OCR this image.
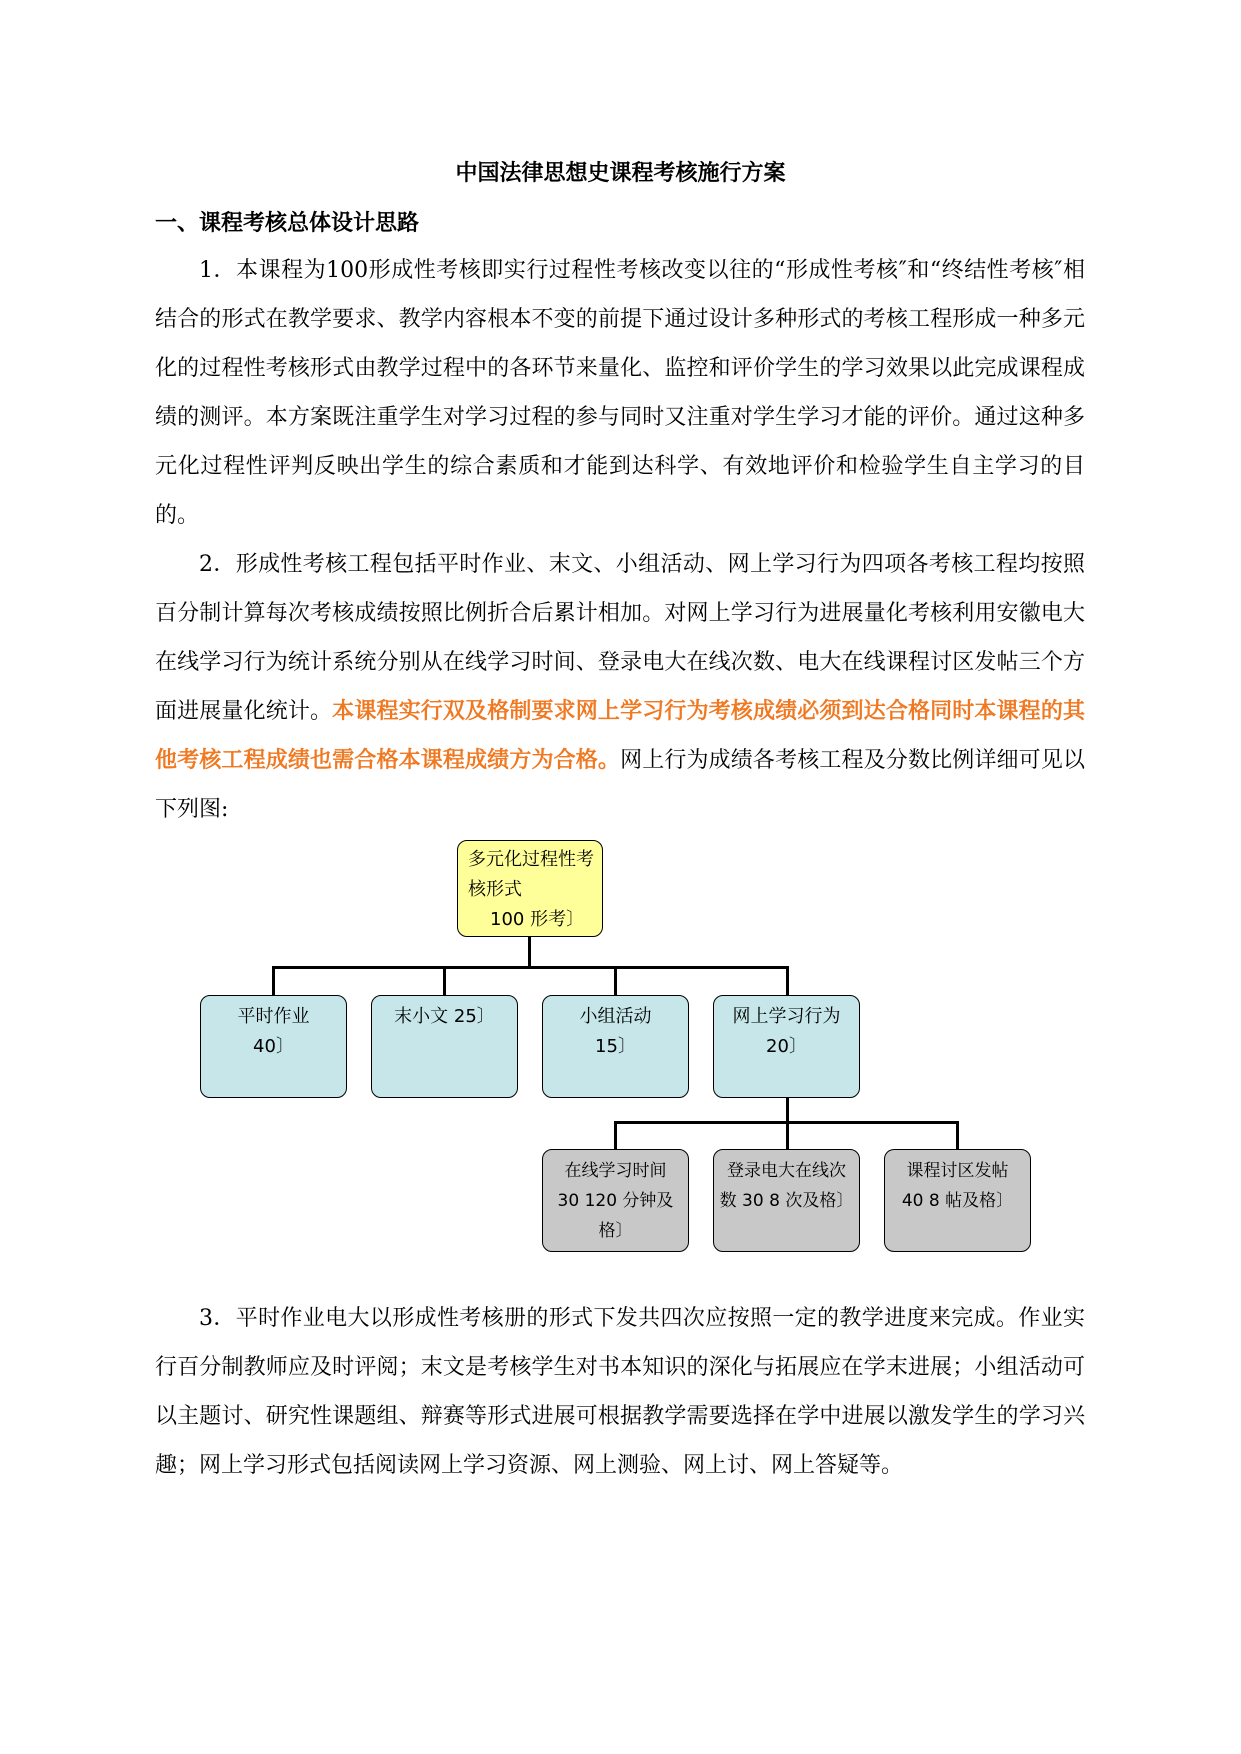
中国法律思想史课程考核施行方案
一、课程考核总体设计思路

1．本课程为100形成性考核即实行过程性考核改变以往的“形成性考核″和“终结性考核″相结合的形式在教学要求、教学内容根本不变的前提下通过设计多种形式的考核工程形成一种多元化的过程性考核形式由教学过程中的各环节来量化、监控和评价学生的学习效果以此完成课程成绩的测评。本方案既注重学生对学习过程的参与同时又注重对学生学习才能的评价。通过这种多元化过程性评判反映出学生的综合素质和才能到达科学、有效地评价和检验学生自主学习的目的。

2．形成性考核工程包括平时作业、末文、小组活动、网上学习行为四项各考核工程均按照百分制计算每次考核成绩按照比例折合后累计相加。对网上学习行为进展量化考核利用安徽电大在线学习行为统计系统分别从在线学习时间、登录电大在线次数、电大在线课程讨区发帖三个方面进展量化统计。本课程实行双及格制要求网上学习行为考核成绩必须到达合格同时本课程的其他考核工程成绩也需合格本课程成绩方为合格。网上行为成绩各考核工程及分数比例详细可见以下列图:

多元化过程性考
核形式
100 形考〕
平时作业
40〕
末小文 25〕	小组活动
15〕
网上学习行为
20〕
在线学习时间
30 120 分钟及
格〕
登录电大在线次
数 30 8 次及格〕
课程讨区发帖
40 8 帖及格〕

3．平时作业电大以形成性考核册的形式下发共四次应按照一定的教学进度来完成。作业实行百分制教师应及时评阅；末文是考核学生对书本知识的深化与拓展应在学末进展；小组活动可以主题讨、研究性课题组、辩赛等形式进展可根据教学需要选择在学中进展以激发学生的学习兴趣；网上学习形式包括阅读网上学习资源、网上测验、网上讨、网上答疑等。
